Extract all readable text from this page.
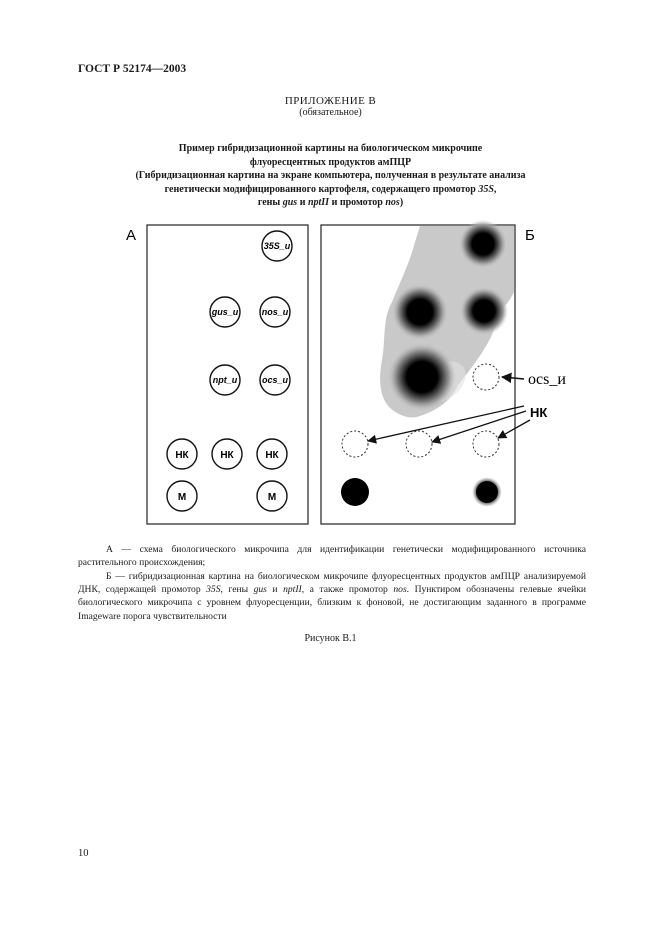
ГОСТ Р 52174—2003
ПРИЛОЖЕНИЕ В
(обязательное)
Пример гибридизационной картины на биологическом микрочипе
флуоресцентных продуктов амПЦР
(Гибридизационная картина на экране компьютера, полученная в результате анализа
генетически модифицированного картофеля, содержащего промотор 35S,
гены gus и nptII и промотор nos)
А
35S_и
gus_и	nos_и
npt_и	ocs_и
НК	НК	НК
М	М
Б
ocs_и
НК
А — схема биологического микрочипа для идентификации генетически модифицированного источника растительного происхождения;
Б — гибридизационная картина на биологическом микрочипе флуоресцентных продуктов амПЦР анализируемой ДНК, содержащей промотор 35S, гены gus и nptII, а также промотор nos. Пунктиром обозначены гелевые ячейки биологического микрочипа с уровнем флуоресценции, близким к фоновой, не достигающим заданного в программе Imageware порога чувствительности
Рисунок В.1
10
